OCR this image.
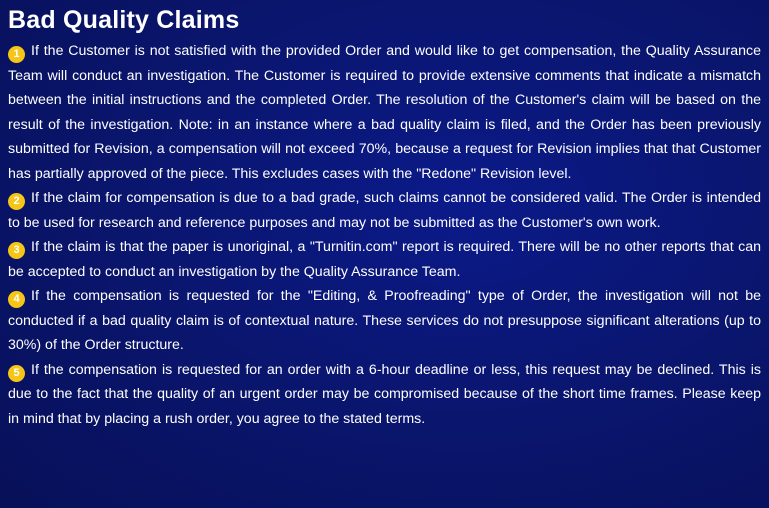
Bad Quality Claims

1 If the Customer is not satisfied with the provided Order and would like to get compensation, the Quality Assurance Team will conduct an investigation. The Customer is required to provide extensive comments that indicate a mismatch between the initial instructions and the completed Order. The resolution of the Customer's claim will be based on the result of the investigation. Note: in an instance where a bad quality claim is filed, and the Order has been previously submitted for Revision, a compensation will not exceed 70%, because a request for Revision implies that that Customer has partially approved of the piece. This excludes cases with the "Redone" Revision level.

2 If the claim for compensation is due to a bad grade, such claims cannot be considered valid. The Order is intended to be used for research and reference purposes and may not be submitted as the Customer's own work.

3 If the claim is that the paper is unoriginal, a "Turnitin.com" report is required. There will be no other reports that can be accepted to conduct an investigation by the Quality Assurance Team.

4 If the compensation is requested for the "Editing, & Proofreading" type of Order, the investigation will not be conducted if a bad quality claim is of contextual nature. These services do not presuppose significant alterations (up to 30%) of the Order structure.

5 If the compensation is requested for an order with a 6-hour deadline or less, this request may be declined. This is due to the fact that the quality of an urgent order may be compromised because of the short time frames. Please keep in mind that by placing a rush order, you agree to the stated terms.
